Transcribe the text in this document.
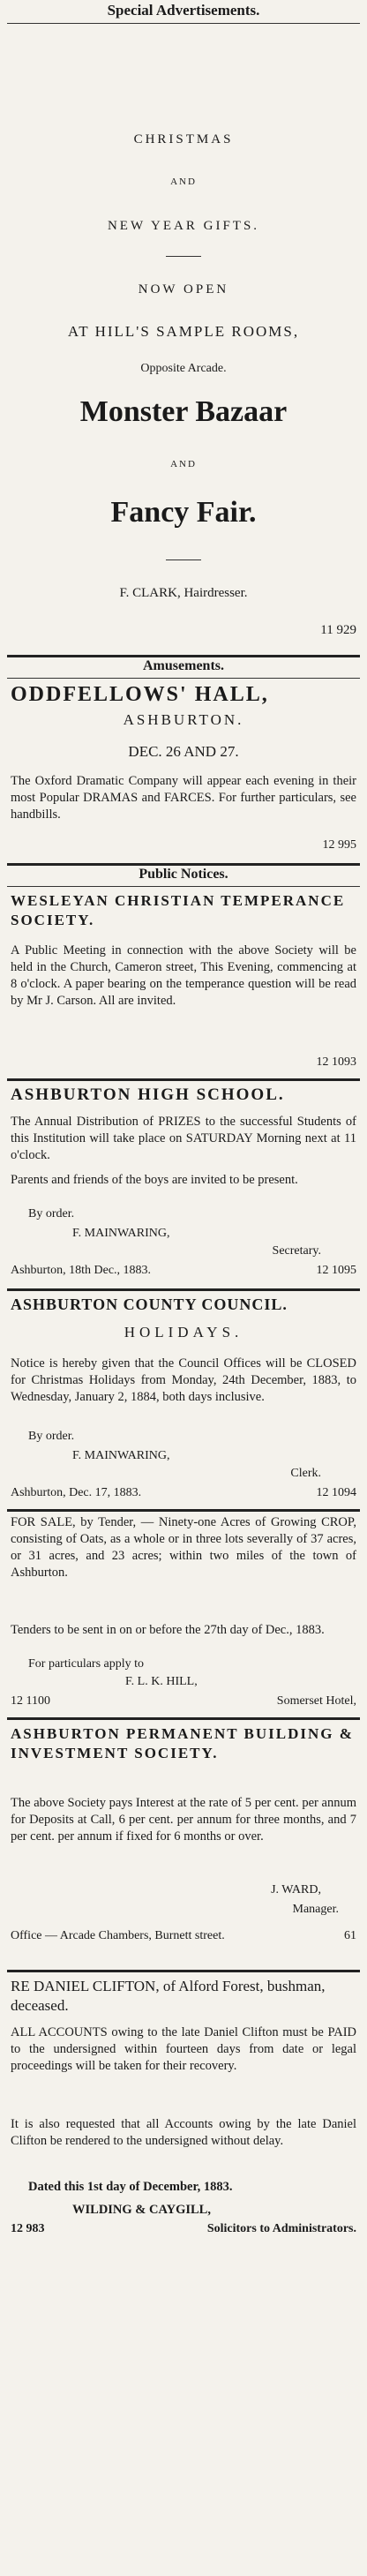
Special Advertisements.
CHRISTMAS
AND
NEW YEAR GIFTS.
NOW OPEN
AT HILL'S SAMPLE ROOMS,
Opposite Arcade.
Monster Bazaar
AND
Fancy Fair.
F. CLARK, Hairdresser.
11 929
Amusements.
ODDFELLOWS' HALL,
ASHBURTON.
DEC. 26 AND 27.
The Oxford Dramatic Company will appear each evening in their most Popular DRAMAS and FARCES. For further particulars, see handbills.
12 995
Public Notices.
WESLEYAN CHRISTIAN TEMPERANCE SOCIETY.
A Public Meeting in connection with the above Society will be held in the Church, Cameron street, This Evening, commencing at 8 o'clock. A paper bearing on the temperance question will be read by Mr J. Carson. All are invited.
12 1093
ASHBURTON HIGH SCHOOL.
The Annual Distribution of PRIZES to the successful Students of this Institution will take place on SATURDAY Morning next at 11 o'clock.
Parents and friends of the boys are invited to be present.
By order.
F. MAINWARING,
Secretary.
Ashburton, 18th Dec., 1883.	12 1095
ASHBURTON COUNTY COUNCIL.
HOLIDAYS.
Notice is hereby given that the Council Offices will be CLOSED for Christmas Holidays from Monday, 24th December, 1883, to Wednesday, January 2, 1884, both days inclusive.
By order.
F. MAINWARING,
Clerk.
Ashburton, Dec. 17, 1883.	12 1094
FOR SALE, by Tender, — Ninety-one Acres of Growing CROP, consisting of Oats, as a whole or in three lots severally of 37 acres, or 31 acres, and 23 acres; within two miles of the town of Ashburton.
Tenders to be sent in on or before the 27th day of Dec., 1883.
For particulars apply to
F. L. K. HILL,
12 1100	Somerset Hotel,
ASHBURTON PERMANENT BUILDING & INVESTMENT SOCIETY.
The above Society pays Interest at the rate of 5 per cent. per annum for Deposits at Call, 6 per cent. per annum for three months, and 7 per cent. per annum if fixed for 6 months or over.
J. WARD,
Manager.
Office — Arcade Chambers, Burnett street.	61
RE DANIEL CLIFTON, of Alford Forest, bushman, deceased.
ALL ACCOUNTS owing to the late Daniel Clifton must be PAID to the undersigned within fourteen days from date or legal proceedings will be taken for their recovery.
It is also requested that all Accounts owing by the late Daniel Clifton be rendered to the undersigned without delay.
Dated this 1st day of December, 1883.
WILDING & CAYGILL,
12 983	Solicitors to Administrators.
